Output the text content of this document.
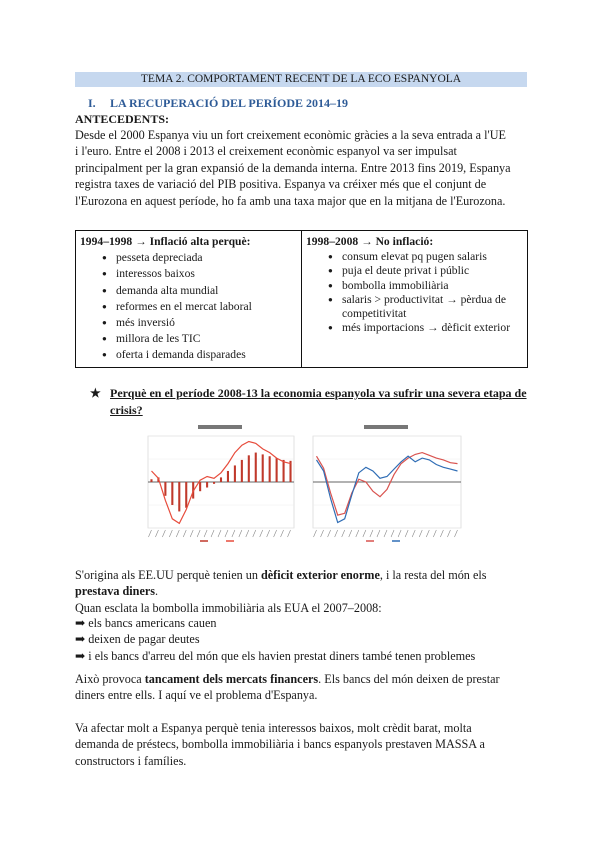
TEMA 2. COMPORTAMENT RECENT DE LA ECO ESPANYOLA
I. LA RECUPERACIÓ DEL PERÍODE 2014–19
ANTECEDENTS:
Desde el 2000 Espanya viu un fort creixement econòmic gràcies a la seva entrada a l'UE
i l'euro. Entre el 2008 i 2013 el creixement econòmic espanyol va ser impulsat
principalment per la gran expansió de la demanda interna. Entre 2013 fins 2019, Espanya
registra taxes de variació del PIB positiva. Espanya va créixer més que el conjunt de
l'Eurozona en aquest període, ho fa amb una taxa major que en la mitjana de l'Eurozona.
1994–1998 → Inflació alta perquè:
● pesseta depreciada
● interessos baixos
● demanda alta mundial
● reformes en el mercat laboral
● més inversió
● millora de les TIC
● oferta i demanda disparades
1998–2008 → No inflació:
● consum elevat pq pugen salaris
● puja el deute privat i públic
● bombolla immobiliària
● salaris > productivitat → pèrdua de competitivitat
● més importacions → dèficit exterior
★ Perquè en el període 2008-13 la economia espanyola va sufrir una severa etapa de crisis?
S'origina als EE.UU perquè tenien un dèficit exterior enorme, i la resta del món els
prestava diners.
Quan esclata la bombolla immobiliària als EUA el 2007–2008:
➡ els bancs americans cauen
➡ deixen de pagar deutes
➡ i els bancs d'arreu del món que els havien prestat diners també tenen problemes
Això provoca tancament dels mercats financers. Els bancs del món deixen de prestar
diners entre ells. I aquí ve el problema d'Espanya.
Va afectar molt a Espanya perquè tenia interessos baixos, molt crèdit barat, molta
demanda de préstecs, bombolla immobiliària i bancs espanyols prestaven MASSA a
constructors i famílies.
